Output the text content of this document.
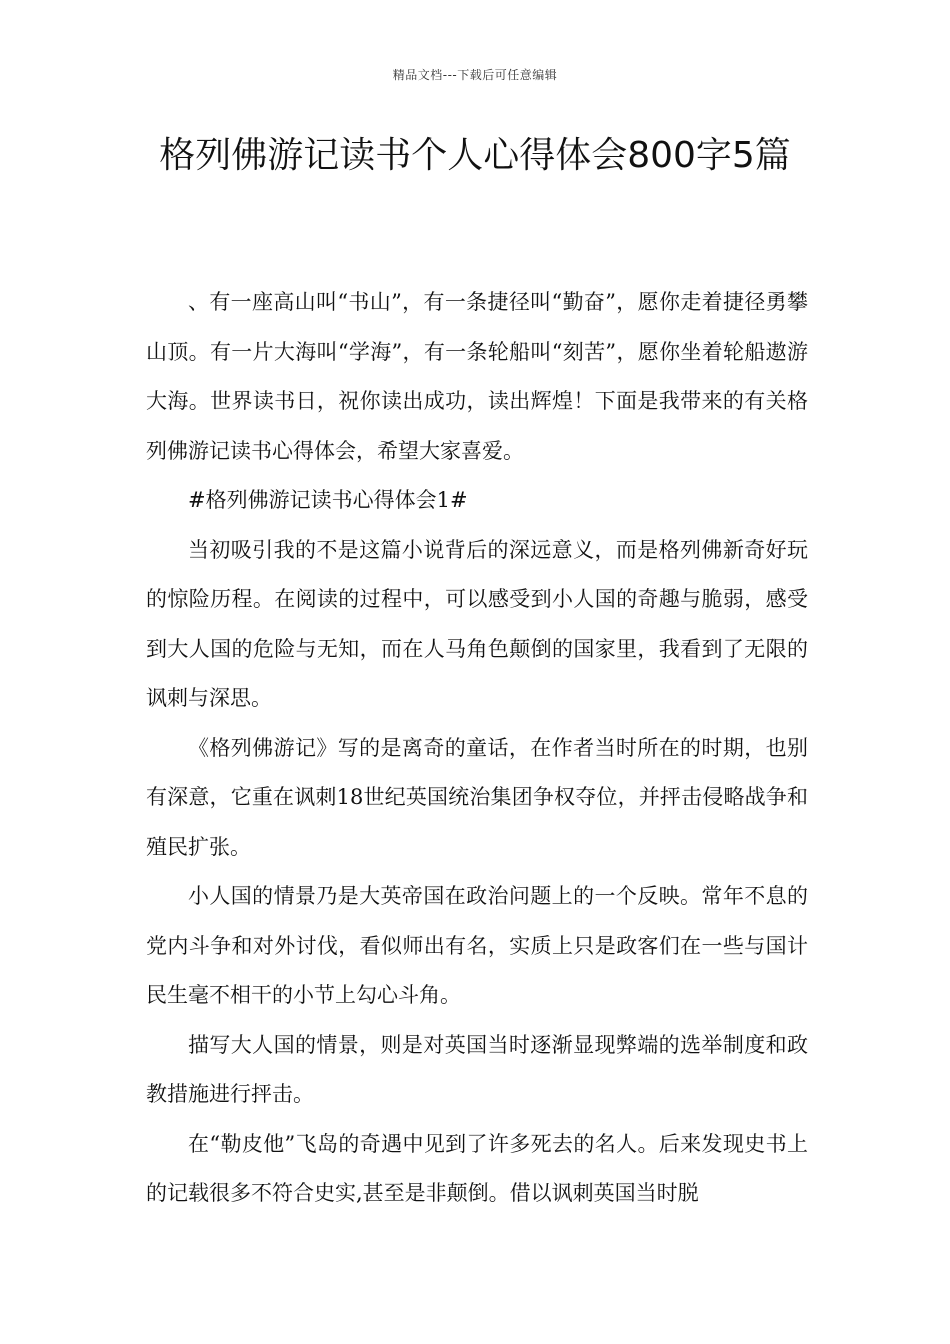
精品文档---下载后可任意编辑
格列佛游记读书个人心得体会800字5篇

、有一座高山叫“书山”，有一条捷径叫“勤奋”，愿你走着捷径勇攀山顶。有一片大海叫“学海”，有一条轮船叫“刻苦”，愿你坐着轮船遨游大海。世界读书日，祝你读出成功，读出辉煌！下面是我带来的有关格列佛游记读书心得体会，希望大家喜爱。

#格列佛游记读书心得体会1#

当初吸引我的不是这篇小说背后的深远意义，而是格列佛新奇好玩的惊险历程。在阅读的过程中，可以感受到小人国的奇趣与脆弱，感受到大人国的危险与无知，而在人马角色颠倒的国家里，我看到了无限的讽刺与深思。

《格列佛游记》写的是离奇的童话，在作者当时所在的时期，也别有深意，它重在讽刺18世纪英国统治集团争权夺位，并抨击侵略战争和殖民扩张。

小人国的情景乃是大英帝国在政治问题上的一个反映。常年不息的党内斗争和对外讨伐，看似师出有名，实质上只是政客们在一些与国计民生毫不相干的小节上勾心斗角。

描写大人国的情景，则是对英国当时逐渐显现弊端的选举制度和政教措施进行抨击。

在“勒皮他”飞岛的奇遇中见到了许多死去的名人。后来发现史书上的记载很多不符合史实,甚至是非颠倒。借以讽刺英国当时脱
